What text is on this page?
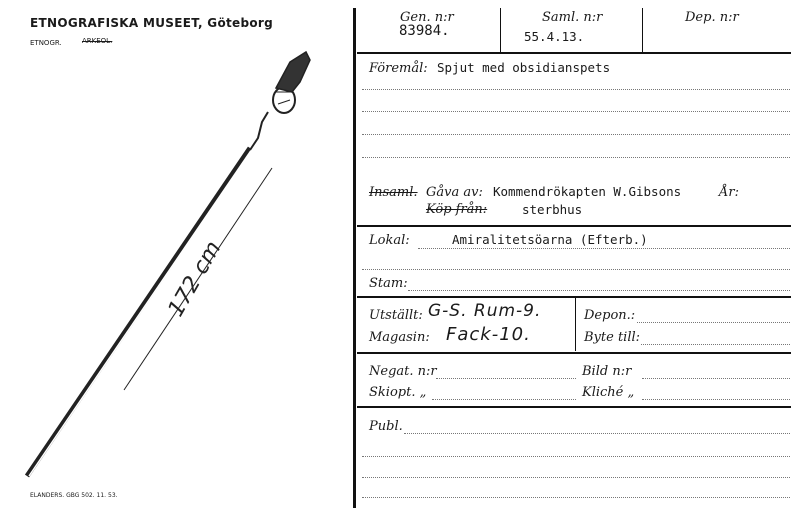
ETNOGRAFISKA MUSEET, Göteborg
ETNOGR.	ARKEOL.
172 cm
ELANDERS. GBG 502. 11. 53.
Gen. n:r
83984.
Saml. n:r
55.4.13.
Dep. n:r
Föremål: Spjut med obsidianspets
Insaml. Gåva av: Kommendrökapten W.Gibsons	År:
Köp från:	sterbhus
Lokal:	Amiralitetsöarna (Efterb.)
Stam:
Utställt: G-S. Rum-9.
Magasin: Fack-10.
Depon.:
Byte till:
Negat. n:r
Skiopt. „
Bild n:r
Kliché „
Publ.
